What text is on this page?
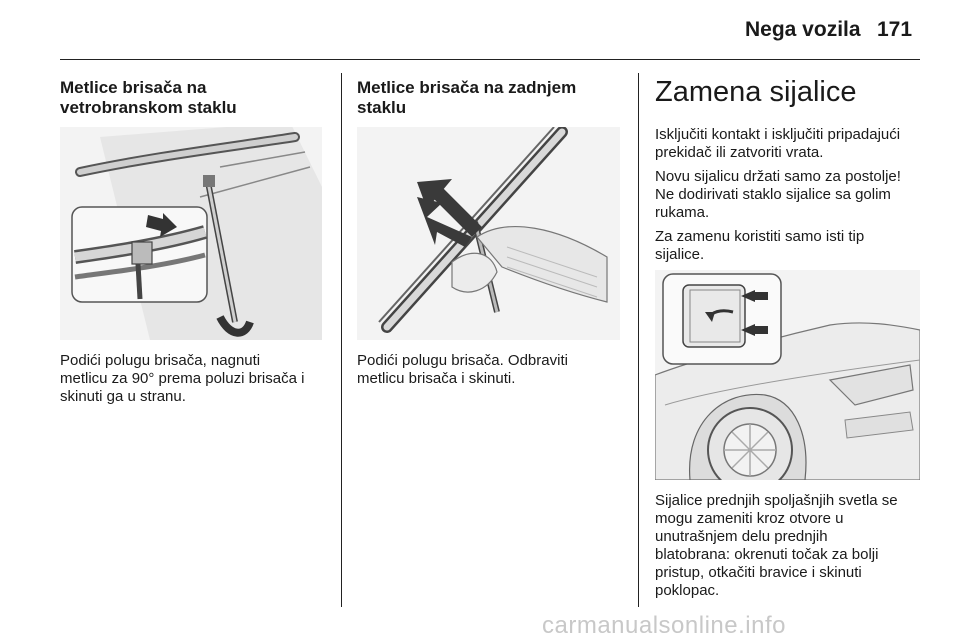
Nega vozila 171
Metlice brisača na
vetrobranskom staklu
Podići polugu brisača, nagnuti
metlicu za 90° prema poluzi brisača i
skinuti ga u stranu.
Metlice brisača na zadnjem
staklu
Podići polugu brisača. Odbraviti
metlicu brisača i skinuti.
Zamena sijalice
Isključiti kontakt i isključiti pripadajući
prekidač ili zatvoriti vrata.
Novu sijalicu držati samo za postolje!
Ne dodirivati staklo sijalice sa golim
rukama.
Za zamenu koristiti samo isti tip
sijalice.
Sijalice prednjih spoljašnjih svetla se
mogu zameniti kroz otvore u
unutrašnjem delu prednjih
blatobrana: okrenuti točak za bolji
pristup, otkačiti bravice i skinuti
poklopac.
carmanualsonline.info
